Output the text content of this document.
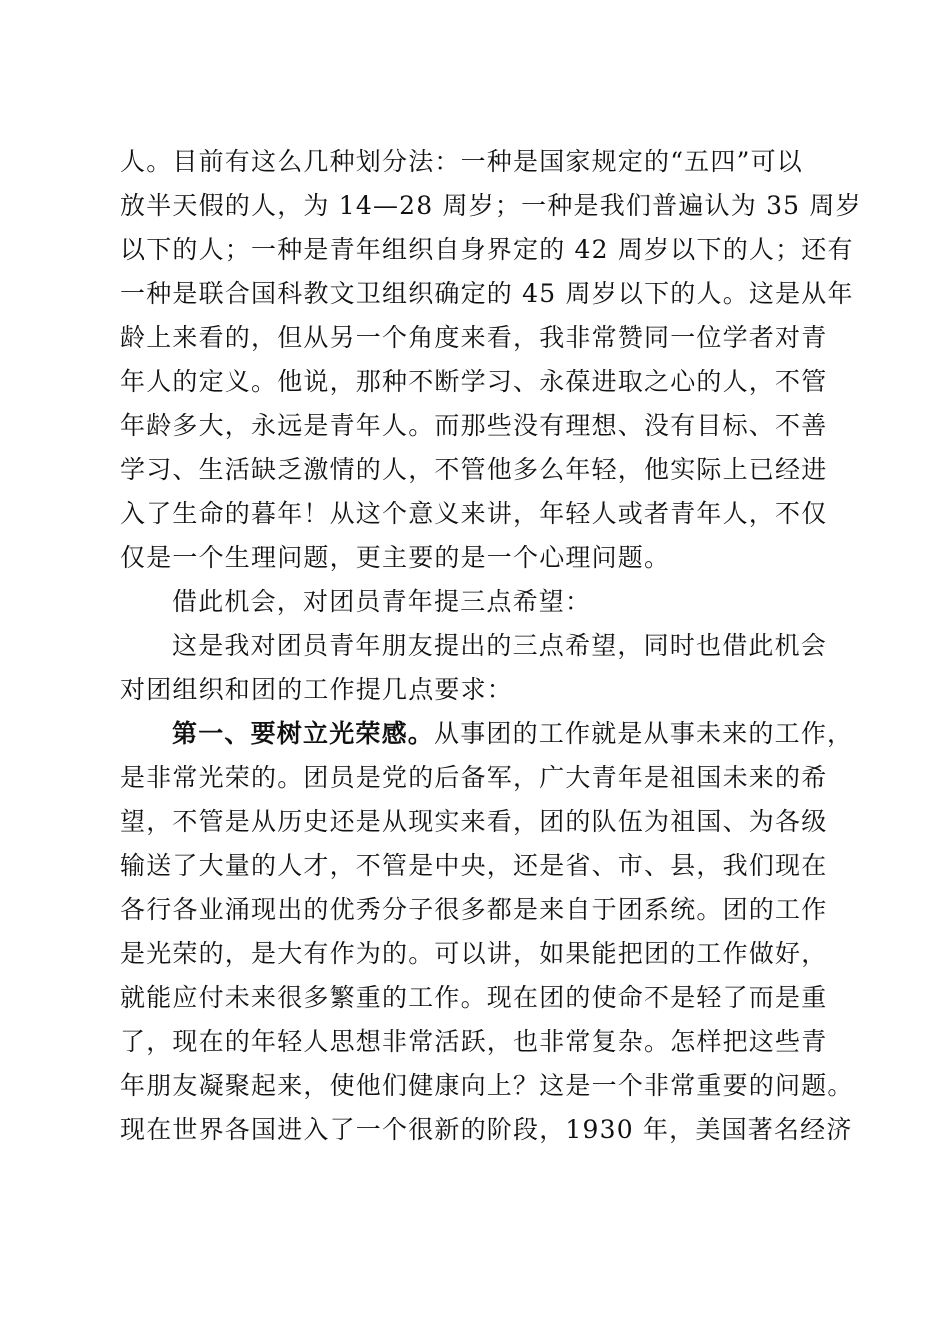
人。目前有这么几种划分法：一种是国家规定的“五四”可以
放半天假的人，为 14—28 周岁；一种是我们普遍认为 35 周岁
以下的人；一种是青年组织自身界定的 42 周岁以下的人；还有
一种是联合国科教文卫组织确定的 45 周岁以下的人。这是从年
龄上来看的，但从另一个角度来看，我非常赞同一位学者对青
年人的定义。他说，那种不断学习、永葆进取之心的人，不管
年龄多大，永远是青年人。而那些没有理想、没有目标、不善
学习、生活缺乏激情的人，不管他多么年轻，他实际上已经进
入了生命的暮年！从这个意义来讲，年轻人或者青年人，不仅
仅是一个生理问题，更主要的是一个心理问题。
借此机会，对团员青年提三点希望：
这是我对团员青年朋友提出的三点希望，同时也借此机会
对团组织和团的工作提几点要求：
第一、要树立光荣感。从事团的工作就是从事未来的工作，
是非常光荣的。团员是党的后备军，广大青年是祖国未来的希
望，不管是从历史还是从现实来看，团的队伍为祖国、为各级
输送了大量的人才，不管是中央，还是省、市、县，我们现在
各行各业涌现出的优秀分子很多都是来自于团系统。团的工作
是光荣的，是大有作为的。可以讲，如果能把团的工作做好，
就能应付未来很多繁重的工作。现在团的使命不是轻了而是重
了，现在的年轻人思想非常活跃，也非常复杂。怎样把这些青
年朋友凝聚起来，使他们健康向上？这是一个非常重要的问题。
现在世界各国进入了一个很新的阶段，1930 年，美国著名经济
